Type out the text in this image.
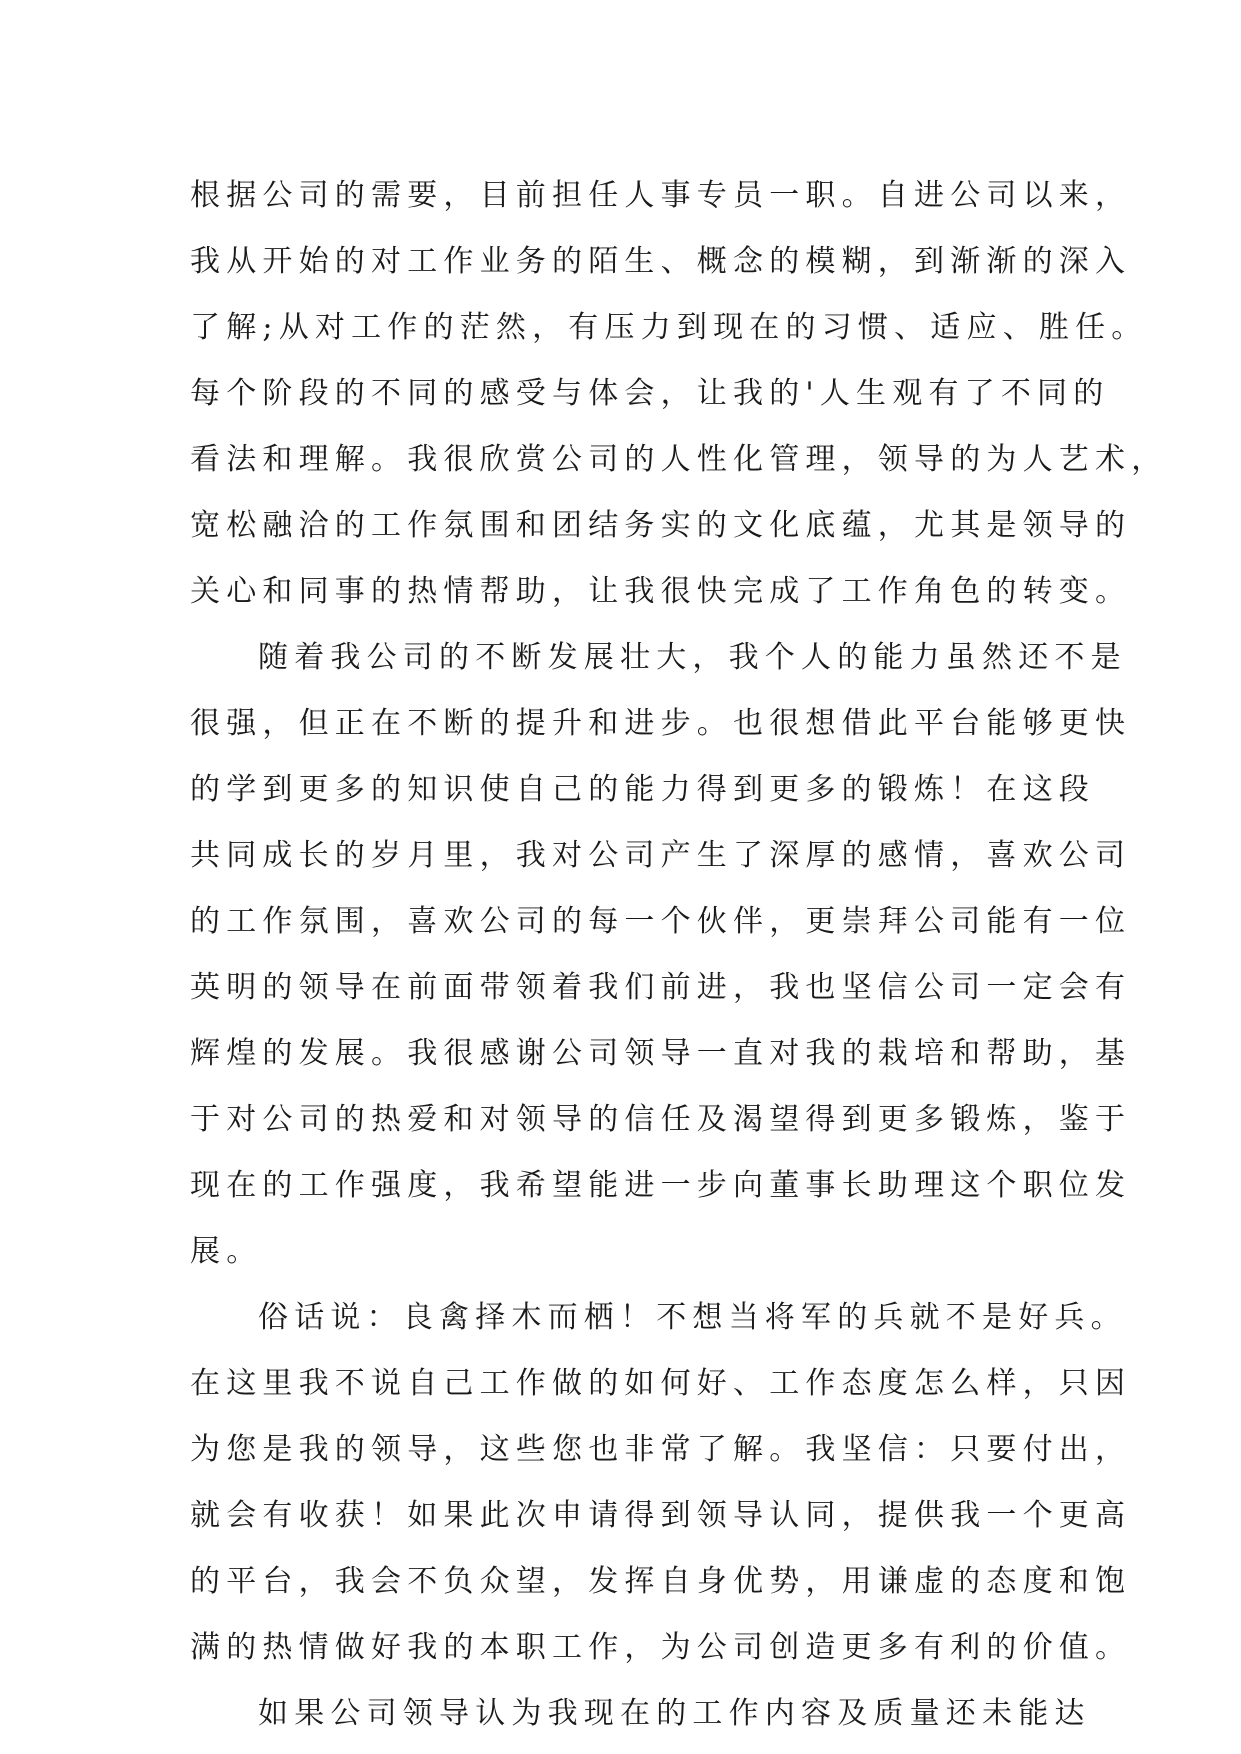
根据公司的需要，目前担任人事专员一职。自进公司以来，
我从开始的对工作业务的陌生、概念的模糊，到渐渐的深入
了解;从对工作的茫然，有压力到现在的习惯、适应、胜任。
每个阶段的不同的感受与体会，让我的'人生观有了不同的
看法和理解。我很欣赏公司的人性化管理，领导的为人艺术，
宽松融洽的工作氛围和团结务实的文化底蕴，尤其是领导的
关心和同事的热情帮助，让我很快完成了工作角色的转变。
随着我公司的不断发展壮大，我个人的能力虽然还不是
很强，但正在不断的提升和进步。也很想借此平台能够更快
的学到更多的知识使自己的能力得到更多的锻炼！在这段
共同成长的岁月里，我对公司产生了深厚的感情，喜欢公司
的工作氛围，喜欢公司的每一个伙伴，更崇拜公司能有一位
英明的领导在前面带领着我们前进，我也坚信公司一定会有
辉煌的发展。我很感谢公司领导一直对我的栽培和帮助，基
于对公司的热爱和对领导的信任及渴望得到更多锻炼，鉴于
现在的工作强度，我希望能进一步向董事长助理这个职位发
展。
俗话说：良禽择木而栖！不想当将军的兵就不是好兵。
在这里我不说自己工作做的如何好、工作态度怎么样，只因
为您是我的领导，这些您也非常了解。我坚信：只要付出，
就会有收获！如果此次申请得到领导认同，提供我一个更高
的平台，我会不负众望，发挥自身优势，用谦虚的态度和饱
满的热情做好我的本职工作，为公司创造更多有利的价值。
如果公司领导认为我现在的工作内容及质量还未能达
